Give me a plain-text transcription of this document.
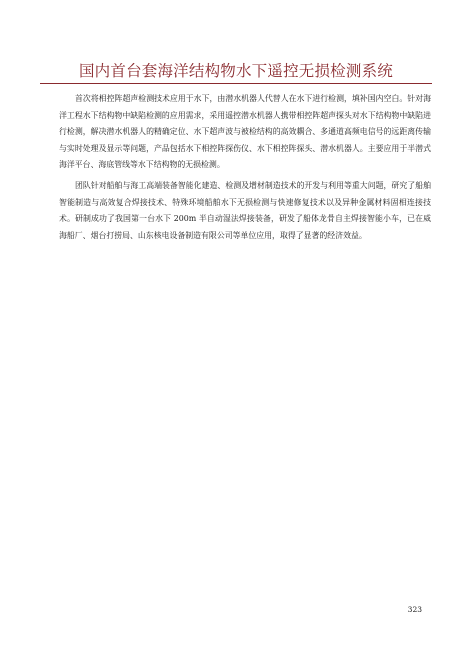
国内首台套海洋结构物水下遥控无损检测系统

首次将相控阵超声检测技术应用于水下，由潜水机器人代替人在水下进行检测，填补国内空白。针对海洋工程水下结构物中缺陷检测的应用需求，采用遥控潜水机器人携带相控阵超声探头对水下结构物中缺陷进行检测，解决潜水机器人的精确定位、水下超声波与被检结构的高效耦合、多通道高频电信号的远距离传输与实时处理及显示等问题，产品包括水下相控阵探伤仪、水下相控阵探头、潜水机器人。主要应用于半潜式海洋平台、海底管线等水下结构物的无损检测。

团队针对船舶与海工高端装备智能化建造、检测及增材制造技术的开发与利用等重大问题，研究了船舶智能制造与高效复合焊接技术、特殊环境船舶水下无损检测与快速修复技术以及异种金属材料固相连接技术。研制成功了我国第一台水下 200m 半自动湿法焊接装备，研发了船体龙骨自主焊接智能小车，已在威海船厂、烟台打捞局、山东核电设备制造有限公司等单位应用，取得了显著的经济效益。

323
